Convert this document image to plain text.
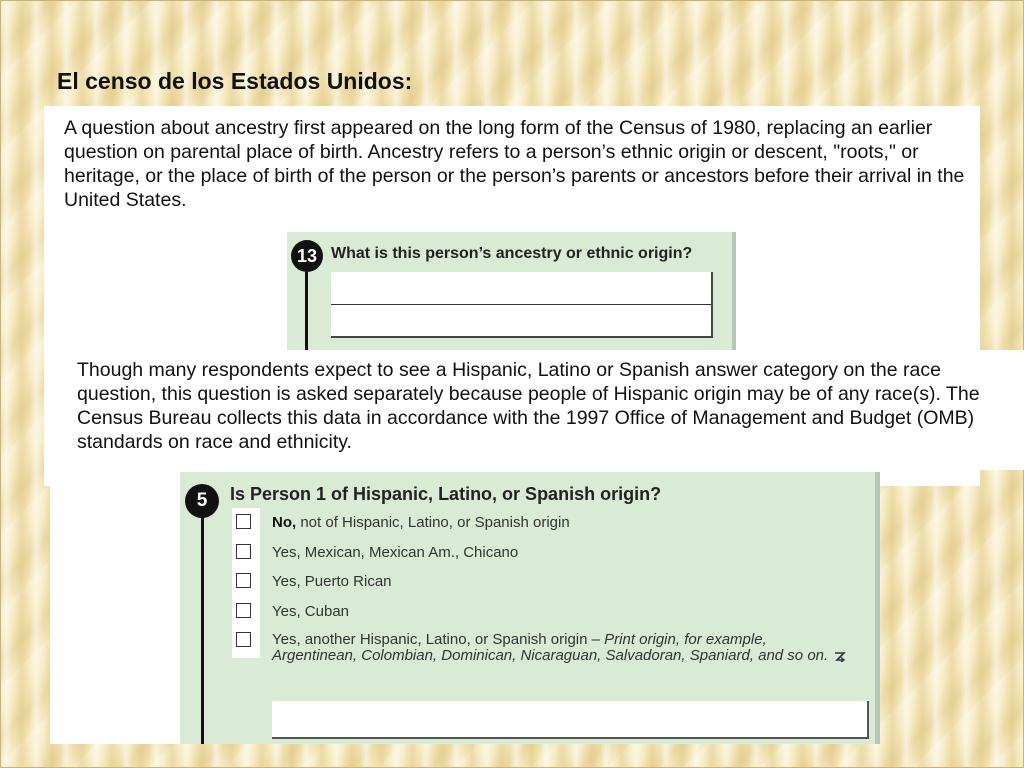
El censo de los Estados Unidos:

A question about ancestry first appeared on the long form of the Census of 1980, replacing an earlier question on parental place of birth. Ancestry refers to a person’s ethnic origin or descent, "roots," or heritage, or the place of birth of the person or the person’s parents or ancestors before their arrival in the United States.

13 What is this person’s ancestry or ethnic origin?

Though many respondents expect to see a Hispanic, Latino or Spanish answer category on the race question, this question is asked separately because people of Hispanic origin may be of any race(s). The Census Bureau collects this data in accordance with the 1997 Office of Management and Budget (OMB) standards on race and ethnicity.

5	Is Person 1 of Hispanic, Latino, or Spanish origin?
No, not of Hispanic, Latino, or Spanish origin
Yes, Mexican, Mexican Am., Chicano
Yes, Puerto Rican
Yes, Cuban
Yes, another Hispanic, Latino, or Spanish origin – Print origin, for example, Argentinean, Colombian, Dominican, Nicaraguan, Salvadoran, Spaniard, and so on.
